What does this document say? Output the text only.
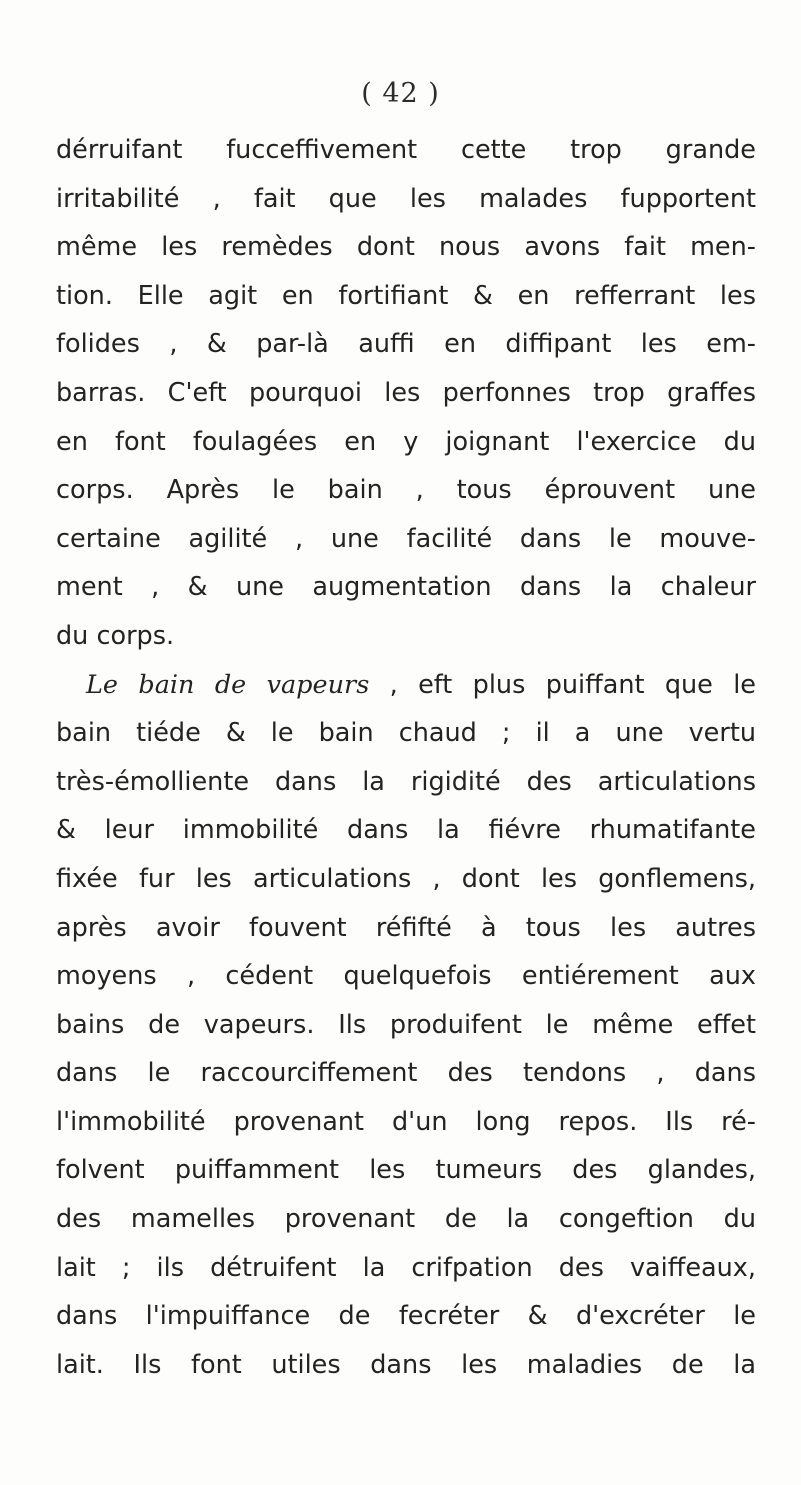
( 42 )
dérruifant fucceffivement cette trop grande
irritabilité , fait que les malades fupportent
même les remèdes dont nous avons fait men-
tion. Elle agit en fortifiant & en refferrant les
folides , & par-là auffi en diffipant les em-
barras. C'eft pourquoi les perfonnes trop graffes
en font foulagées en y joignant l'exercice du
corps. Après le bain , tous éprouvent une
certaine agilité , une facilité dans le mouve-
ment , & une augmentation dans la chaleur
du corps.
Le bain de vapeurs , eft plus puiffant que le
bain tiéde & le bain chaud ; il a une vertu
très-émolliente dans la rigidité des articulations
& leur immobilité dans la fiévre rhumatifante
fixée fur les articulations , dont les gonflemens,
après avoir fouvent réfifté à tous les autres
moyens , cédent quelquefois entiérement aux
bains de vapeurs. Ils produifent le même effet
dans le raccourciffement des tendons , dans
l'immobilité provenant d'un long repos. Ils ré-
folvent puiffamment les tumeurs des glandes,
des mamelles provenant de la congeftion du
lait ; ils détruifent la crifpation des vaiffeaux,
dans l'impuiffance de fecréter & d'excréter le
lait. Ils font utiles dans les maladies de la
